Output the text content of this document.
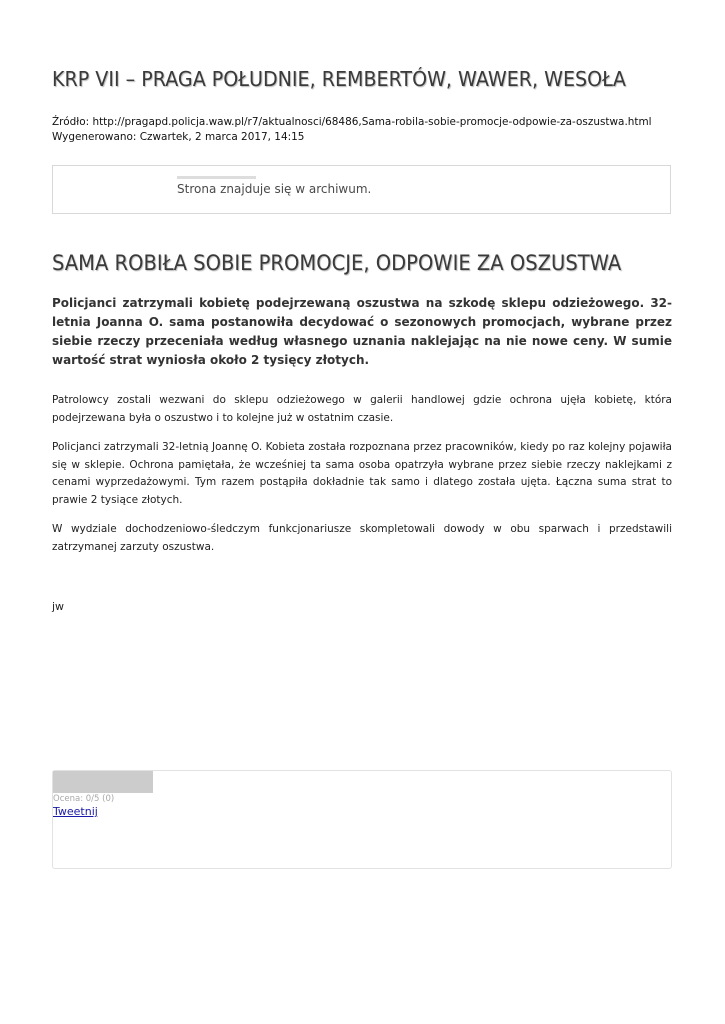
KRP VII – PRAGA POŁUDNIE, REMBERTÓW, WAWER, WESOŁA
Źródło: http://pragapd.policja.waw.pl/r7/aktualnosci/68486,Sama-robila-sobie-promocje-odpowie-za-oszustwa.html
Wygenerowano: Czwartek, 2 marca 2017, 14:15
Strona znajduje się w archiwum.
SAMA ROBIŁA SOBIE PROMOCJE, ODPOWIE ZA OSZUSTWA

Policjanci zatrzymali kobietę podejrzewaną oszustwa na szkodę sklepu odzieżowego. 32-letnia Joanna O. sama postanowiła decydować o sezonowych promocjach, wybrane przez siebie rzeczy przeceniała według własnego uznania naklejając na nie nowe ceny. W sumie wartość strat wyniosła około 2 tysięcy złotych.

Patrolowcy zostali wezwani do sklepu odzieżowego w galerii handlowej gdzie ochrona ujęła kobietę, która podejrzewana była o oszustwo i to kolejne już w ostatnim czasie.

Policjanci zatrzymali 32-letnią Joannę O. Kobieta została rozpoznana przez pracowników, kiedy po raz kolejny pojawiła się w sklepie. Ochrona pamiętała, że wcześniej ta sama osoba opatrzyła wybrane przez siebie rzeczy naklejkami z cenami wyprzedażowymi. Tym razem postąpiła dokładnie tak samo i dlatego została ujęta. Łączna suma strat to prawie 2 tysiące złotych.

W wydziale dochodzeniowo-śledczym funkcjonariusze skompletowali dowody w obu sparwach i przedstawili zatrzymanej zarzuty oszustwa.

jw
Ocena: 0/5 (0)
Tweetnij
